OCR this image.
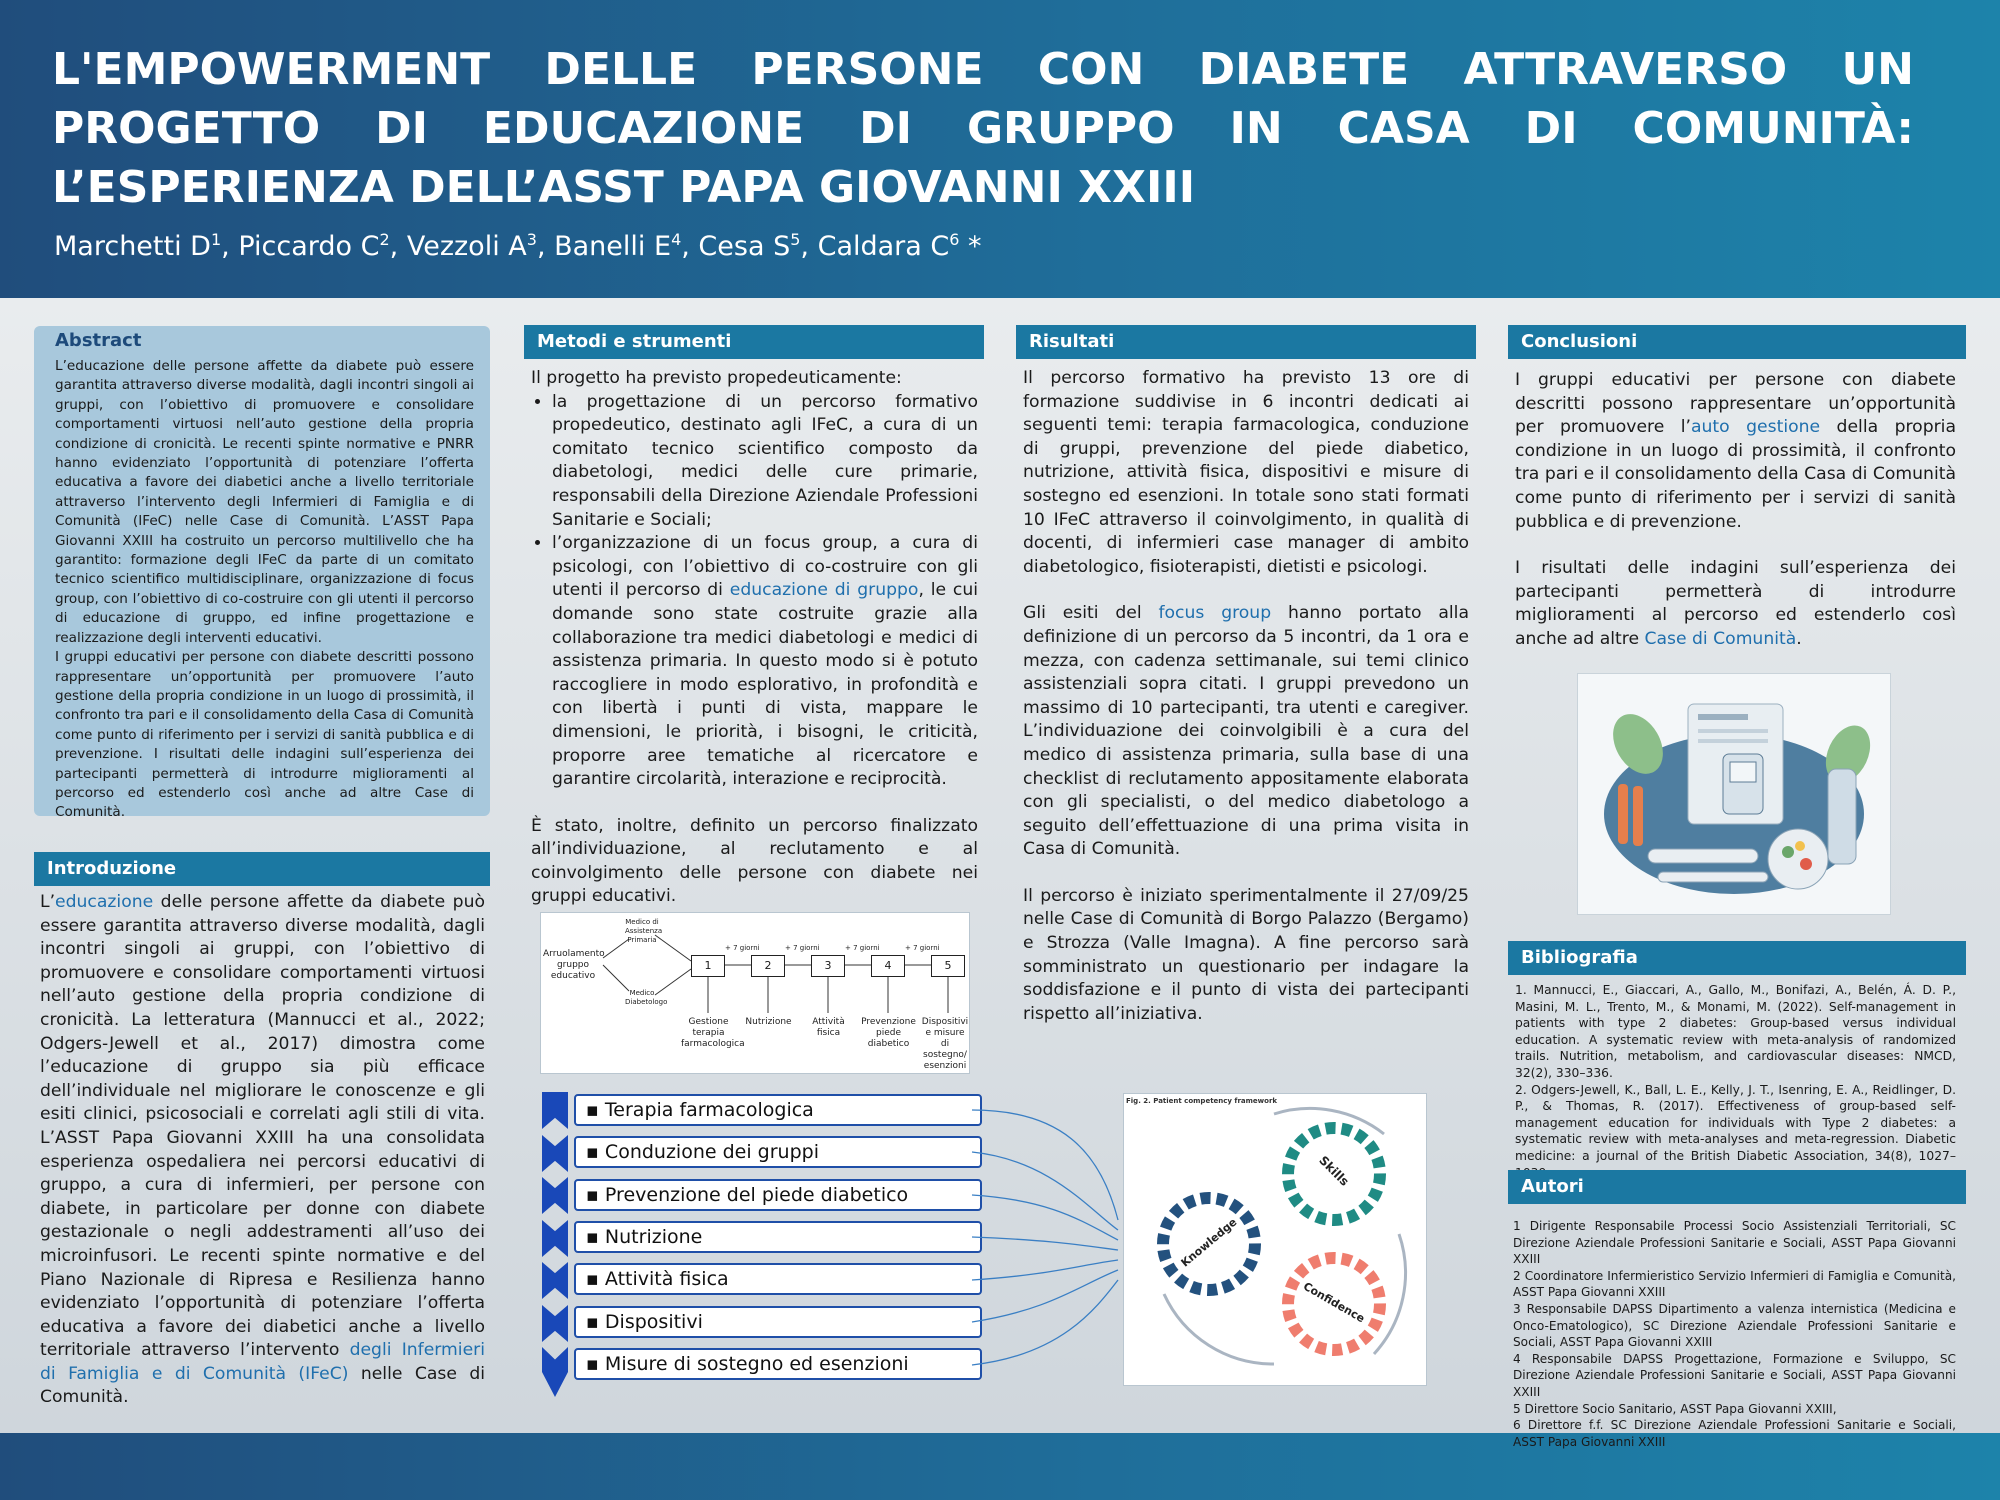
L'EMPOWERMENT DELLE PERSONE CON DIABETE ATTRAVERSO UN PROGETTO DI EDUCAZIONE DI GRUPPO IN CASA DI COMUNITÀ: L’ESPERIENZA DELL’ASST PAPA GIOVANNI XXIII
Marchetti $D^1$, Piccardo $C^2$, Vezzoli $A^3$, Banelli $E^4$, Cesa $S^5$, Caldara $C^6$ *
Abstract
L’educazione delle persone affette da diabete può essere garantita attraverso diverse modalità, dagli incontri singoli ai gruppi, con l’obiettivo di promuovere e consolidare comportamenti virtuosi nell’auto gestione della propria condizione di cronicità. Le recenti spinte normative e PNRR hanno evidenziato l’opportunità di potenziare l’offerta educativa a favore dei diabetici anche a livello territoriale attraverso l’intervento degli Infermieri di Famiglia e di Comunità (IFeC) nelle Case di Comunità. L’ASST Papa Giovanni XXIII ha costruito un percorso multilivello che ha garantito: formazione degli IFeC da parte di un comitato tecnico scientifico multidisciplinare, organizzazione di focus group, con l’obiettivo di co-costruire con gli utenti il percorso di educazione di gruppo, ed infine progettazione e realizzazione degli interventi educativi.
I gruppi educativi per persone con diabete descritti possono rappresentare un’opportunità per promuovere l’auto gestione della propria condizione in un luogo di prossimità, il confronto tra pari e il consolidamento della Casa di Comunità come punto di riferimento per i servizi di sanità pubblica e di prevenzione. I risultati delle indagini sull’esperienza dei partecipanti permetterà di introdurre miglioramenti al percorso ed estenderlo così anche ad altre Case di Comunità.
Introduzione
L’educazione delle persone affette da diabete può essere garantita attraverso diverse modalità, dagli incontri singoli ai gruppi, con l’obiettivo di promuovere e consolidare comportamenti virtuosi nell’auto gestione della propria condizione di cronicità. La letteratura (Mannucci et al., 2022; Odgers-Jewell et al., 2017) dimostra come l’educazione di gruppo sia più efficace dell’individuale nel migliorare le conoscenze e gli esiti clinici, psicosociali e correlati agli stili di vita. L’ASST Papa Giovanni XXIII ha una consolidata esperienza ospedaliera nei percorsi educativi di gruppo, a cura di infermieri, per persone con diabete, in particolare per donne con diabete gestazionale o negli addestramenti all’uso dei microinfusori. Le recenti spinte normative e del Piano Nazionale di Ripresa e Resilienza hanno evidenziato l’opportunità di potenziare l’offerta educativa a favore dei diabetici anche a livello territoriale attraverso l’intervento degli Infermieri di Famiglia e di Comunità (IFeC) nelle Case di Comunità.
Metodi e strumenti
Il progetto ha previsto propedeuticamente:
• la progettazione di un percorso formativo propedeutico, destinato agli IFeC, a cura di un comitato tecnico scientifico composto da diabetologi, medici delle cure primarie, responsabili della Direzione Aziendale Professioni Sanitarie e Sociali;
• l’organizzazione di un focus group, a cura di psicologi, con l’obiettivo di co-costruire con gli utenti il percorso di educazione di gruppo, le cui domande sono state costruite grazie alla collaborazione tra medici diabetologi e medici di assistenza primaria. In questo modo si è potuto raccogliere in modo esplorativo, in profondità e con libertà i punti di vista, mappare le dimensioni, le priorità, i bisogni, le criticità, proporre aree tematiche al ricercatore e garantire circolarità, interazione e reciprocità.
È stato, inoltre, definito un percorso finalizzato all’individuazione, al reclutamento e al coinvolgimento delle persone con diabete nei gruppi educativi.
Arruolamento gruppo educativo
Medico di Assistenza Primaria
Medico Diabetologo
1	2	3	4	5
+ 7 giorni	+ 7 giorni	+ 7 giorni	+ 7 giorni
Gestione terapia farmacologica
Nutrizione	Attività fisica
Prevenzione piede diabetico
Dispositivi e misure di sostegno/ esenzioni
▪ Terapia farmacologica
▪ Conduzione dei gruppi
▪ Prevenzione del piede diabetico
▪ Nutrizione
▪ Attività fisica
▪ Dispositivi
▪ Misure di sostegno ed esenzioni
Fig. 2. Patient competency framework
Skills
Knowledge
Confidence
Risultati
Il percorso formativo ha previsto 13 ore di formazione suddivise in 6 incontri dedicati ai seguenti temi: terapia farmacologica, conduzione di gruppi, prevenzione del piede diabetico, nutrizione, attività fisica, dispositivi e misure di sostegno ed esenzioni. In totale sono stati formati 10 IFeC attraverso il coinvolgimento, in qualità di docenti, di infermieri case manager di ambito diabetologico, fisioterapisti, dietisti e psicologi.
Gli esiti del focus group hanno portato alla definizione di un percorso da 5 incontri, da 1 ora e mezza, con cadenza settimanale, sui temi clinico assistenziali sopra citati. I gruppi prevedono un massimo di 10 partecipanti, tra utenti e caregiver. L’individuazione dei coinvolgibili è a cura del medico di assistenza primaria, sulla base di una checklist di reclutamento appositamente elaborata con gli specialisti, o del medico diabetologo a seguito dell’effettuazione di una prima visita in Casa di Comunità.
Il percorso è iniziato sperimentalmente il 27/09/25 nelle Case di Comunità di Borgo Palazzo (Bergamo) e Strozza (Valle Imagna). A fine percorso sarà somministrato un questionario per indagare la soddisfazione e il punto di vista dei partecipanti rispetto all’iniziativa.
Conclusioni
I gruppi educativi per persone con diabete descritti possono rappresentare un’opportunità per promuovere l’auto gestione della propria condizione in un luogo di prossimità, il confronto tra pari e il consolidamento della Casa di Comunità come punto di riferimento per i servizi di sanità pubblica e di prevenzione.
I risultati delle indagini sull’esperienza dei partecipanti permetterà di introdurre miglioramenti al percorso ed estenderlo così anche ad altre Case di Comunità.
Bibliografia
1. Mannucci, E., Giaccari, A., Gallo, M., Bonifazi, A., Belén, Á. D. P., Masini, M. L., Trento, M., & Monami, M. (2022). Self-management in patients with type 2 diabetes: Group-based versus individual education. A systematic review with meta-analysis of randomized trails. Nutrition, metabolism, and cardiovascular diseases: NMCD, 32(2), 330–336.
2. Odgers-Jewell, K., Ball, L. E., Kelly, J. T., Isenring, E. A., Reidlinger, D. P., & Thomas, R. (2017). Effectiveness of group-based self-management education for individuals with Type 2 diabetes: a systematic review with meta-analyses and meta-regression. Diabetic medicine: a journal of the British Diabetic Association, 34(8), 1027–
Autori
1 Dirigente Responsabile Processi Socio Assistenziali Territoriali, SC Direzione Aziendale Professioni Sanitarie e Sociali, ASST Papa Giovanni XXIII
2 Coordinatore Infermieristico Servizio Infermieri di Famiglia e Comunità, ASST Papa Giovanni XXIII
3 Responsabile DAPSS Dipartimento a valenza internistica (Medicina e Onco-Ematologico), SC Direzione Aziendale Professioni Sanitarie e Sociali, ASST Papa Giovanni XXIII
4 Responsabile DAPSS Progettazione, Formazione e Sviluppo, SC Direzione Aziendale Professioni Sanitarie e Sociali, ASST Papa Giovanni XXIII
5 Direttore Socio Sanitario, ASST Papa Giovanni XXIII,
6 Direttore f.f. SC Direzione Aziendale Professioni Sanitarie e Sociali, ASST Papa Giovanni XXIII
